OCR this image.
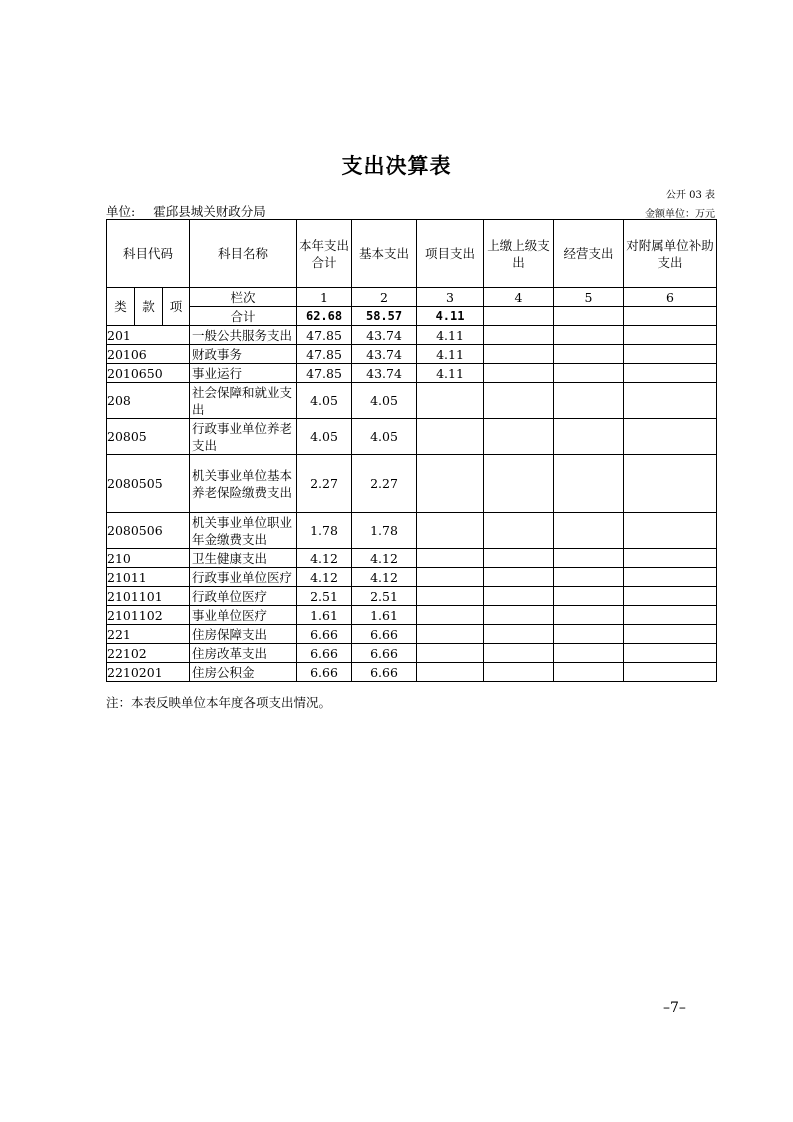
支出决算表
公开 03 表
单位: 霍邱县城关财政分局	金额单位：万元
科目代码			科目名称	本年支出合计	基本支出	项目支出	上缴上级支出	经营支出	对附属单位补助支出
类	款	项	栏次	1	2	3	4	5	6
			合计	62.68	58.57	4.11			
201			一般公共服务支出	47.85	43.74	4.11			
20106			财政事务	47.85	43.74	4.11			
2010650			事业运行	47.85	43.74	4.11			
208			社会保障和就业支出	4.05	4.05				
20805			行政事业单位养老支出	4.05	4.05				
2080505			机关事业单位基本养老保险缴费支出	2.27	2.27				
2080506			机关事业单位职业年金缴费支出	1.78	1.78				
210			卫生健康支出	4.12	4.12				
21011			行政事业单位医疗	4.12	4.12				
2101101			行政单位医疗	2.51	2.51				
2101102			事业单位医疗	1.61	1.61				
221			住房保障支出	6.66	6.66				
22102			住房改革支出	6.66	6.66				
2210201			住房公积金	6.66	6.66				
注：本表反映单位本年度各项支出情况。
–7–
